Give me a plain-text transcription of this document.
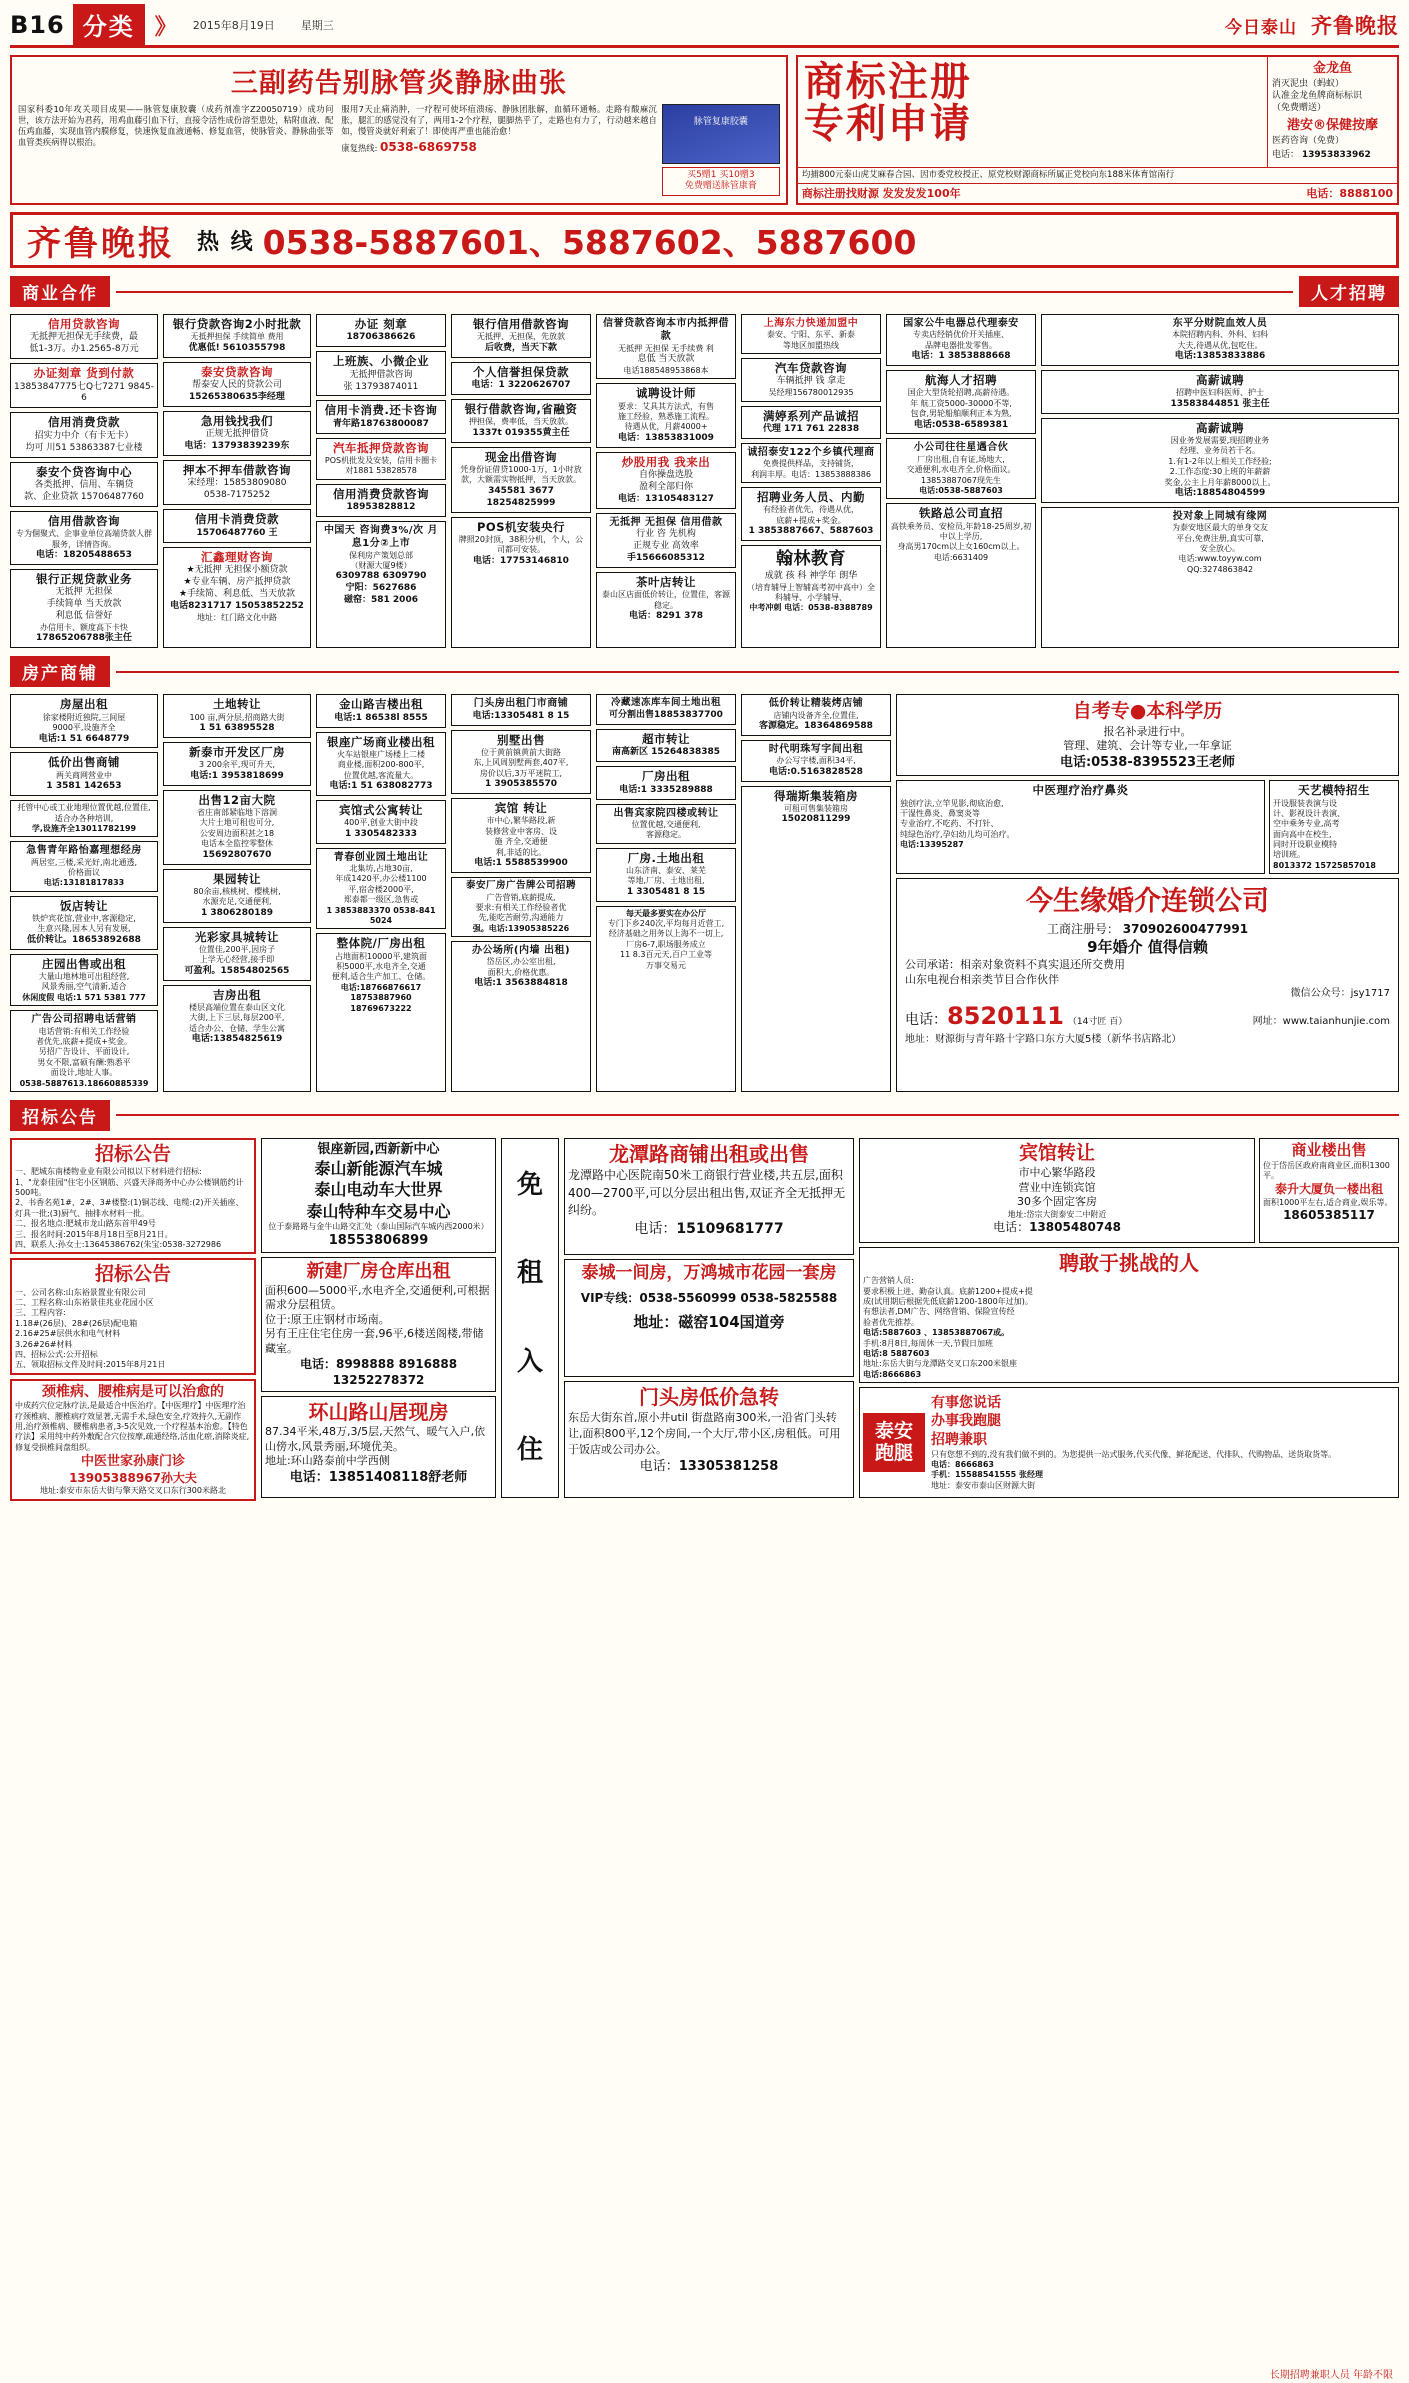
B16 分类 》	2015年8月19日	星期三	今日泰山 齐鲁晚报
三副药告别脉管炎静脉曲张
国家科委10年攻关项目成果——脉管复康胶囊（成药剂准字Z20050719）成功问世，该方法开始为君药，用鸡血藤引血下行，直接令活性成份溶至患处，粘附血液、配伍鸡血藤，实现血管内膜修复，快速恢复血液通畅、修复血管，使脉管炎、静脉曲张等血管类疾病得以根治。
服用7天止痛消肿，一疗程可使坏疽溃疡、静脉团胀解，血循环通畅。走路有酸麻沉胀，腿汇的感觉没有了，两用1-2个疗程，腿脚热乎了，走路也有力了，行动越来越自如，慢管炎就好利索了！即使再严重也能治愈！
康复热线: 0538-6869758
脉管复康胶囊
买5赠1 买10赠3
免费赠送脉管康膏
商标注册
专利申请
金龙鱼
消灭泥虫（蚂蚁）
认准金龙鱼牌商标标识
（免费赠送）
港安®保健按摩
医药咨询（免费）
电话： 13953833962
均捕800元泰山虎艾麻春合园、因市委党校授正、原党校财源商标所属正党校向东188米体育馆南行
商标注册找财源 发发发发100年	电话：8888100
齐鲁晚报 热 线 0538-5887601、5887602、5887600
商业合作	人才招聘
信用贷款咨询
无抵押无担保无手续费，最
低1-3万。办1.2565-8万元
办证刻章 货到付款
13853847775七Q七7271 9845-6
信用消费贷款
招实力中介（有卡无卡）
均可 川51 53863387七业楼
泰安个贷咨询中心
各类抵押、信用、车辆贷
款、企业贷款 15706487760
信用借款咨询
专为個聚式、企事业单位高端贷款人群服务，详情咨询。
电话：18205488653
银行正规贷款业务
无抵押 无担保
手续简单 当天放款
利息低 信誉好
办信用卡、额度高下卡快
17865206788张主任
银行贷款咨询2小时批款
无抵押担保 手续简单 费用
优惠低! 5610355798
泰安贷款咨询
帮泰安人民的贷款公司
15265380635李经理
急用钱找我们
正规无抵押借贷
电话：13793839239东
押本不押车借款咨询
宋经理：15853809080
0538-7175252
信用卡消费贷款
15706487760 王
汇鑫理财咨询
★无抵押 无担保小额贷款
★专业车辆、房产抵押贷款
★手续简、利息低、当天放款
电话8231717 15053852252
地址：红门路文化中路
办证 刻章
18706386626
上班族、小微企业
无抵押借款咨询
张 13793874011
信用卡消费.还卡咨询
青年路18763800087
汽车抵押贷款咨询
POS机批发及安装，信用卡圈卡 对1881 53828578
信用消费贷款咨询
18953828812
中国天 咨询费3%/次 月息1分②上市
保利房产策划总部
（财源大厦9楼）
6309788 6309790
宁阳：5627686
磁窑：581 2006
银行信用借款咨询
无抵押、无担保，先放款
后收费，当天下款
个人信誉担保贷款
电话：1 3220626707
银行借款咨询,省融资
押担保，费率低，当天放款。
1337t 019355黄主任
现金出借咨询
凭身份证借贷1000-1万，1小时放款，大额需实物抵押，当天放款。
345581 3677 18254825999
POS机安装央行
牌照20封顶，38积分机，个人，公司都可安装。
电话：17753146810
信誉贷款咨询本市内抵押借款
无抵押 无担保 无手续费 利
息低 当天放款
电话188548953868本
诚聘设计师
要求：艾具其方法式，有售
施工经验，熟悉施工流程。
待遇从优，月薪4000+
电话：13853831009
炒股用我 我来出
自你操盘选股
盈利全部归你
电话：13105483127
无抵押 无担保 信用借款
行业 咨 先机构
正规专业 高效率
手15666085312
茶叶店转让
泰山区店面低价转让，位置佳，客源稳定。
电话：8291 378
上海东力快递加盟中
泰安、宁阳、东平、新泰
等地区加盟热线
汽车贷款咨询
车辆抵押 钱 拿走
吴经理156780012935
满婷系列产品诚招
代理 171 761 22838
诚招泰安122个乡镇代理商
免费提供样品，支持铺货，
利润丰厚。电话：13853888386
招聘业务人员、内勤
有经验者优先，待遇从优，
底薪+提成+奖金。
1 3853887667、5887603
翰林教育
成就 孩 科 神学年 朗华
（培育辅导上智辅高考初中高中）全科辅导、小学辅导、
中考冲刺 电话：0538-8388789
国家公牛电器总代理泰安
专卖店经销优价开关插座、
品牌电器批发零售。
电话：1 3853888668
航海人才招聘
国企大型货轮招聘,高薪待遇。
年 航工资5000-30000不等,
包食,男轮船舶顺利正本为熟,
电话:0538-6589381
小公司往往星遇合伙
厂房出租,自有证,场地大,
交通便利,水电齐全,价格面议。
13853887067现先生
电话:0538-5887603
铁路总公司直招
高铁乘务员、安检员,年龄18-25周岁,初中以上学历,
身高男170cm以上女160cm以上。
电话:6631409
东平分财院血效人员
本院招聘内科、外科、妇科
大夫,待遇从优,包吃住。
电话:13853833886
高薪诚聘
招聘中医妇科医师、护士
13583844851 张主任
高薪诚聘
因业务发展需要,现招聘业务
经理、业务员若干名。
1.有1-2年以上相关工作经验;
2.工作态度:30上班的年薪薪
奖金,公主上月年薪8000以上。
电话:18854804599
投对象上同城有缘网
为泰安地区最大的单身交友
平台,免费注册,真实可靠,
安全放心。
电话:www.toyyw.com
QQ:3274863842
房产商铺
房屋出租
徐家楼附近独院,三间屋
9000平,设施齐全
电话:1 51 6648779
低价出售商铺
两关商网营业中
1 3581 142653
托管中心或工业地理位置优越,位置佳,适合办各种培训,
学,设施齐全13011782199
急售青年路怡嘉理想经房
两居室,三楼,采光好,南北通透,
价格面议
电话:13181817833
饭店转让
铁炉宾花馆,营业中,客源稳定,
生意兴隆,因本人另有发展,
低价转让。18653892688
庄园出售或出租
大量山地林地可出租经营,
风景秀丽,空气清新,适合
休闲度假 电话:1 571 5381 777
广告公司招聘电话营销
电话营销:有相关工作经验
者优先,底薪+提成+奖金。
另招广告设计、平面设计,
男女不限,富硕有酬:熟悉平
面设计,地址人事。
0538-5887613.18660885339
土地转让
100 亩,两分层,招商路大街
1 51 63895528
新泰市开发区厂房
3 200余平,现可升天,
电话:1 3953818699
出售12亩大院
省庄南部紧临地下溶洞
大片土地可租也可分,
公安周边面积甚之18
电话本全监控零整休
15692807670
果园转让
80余亩,核桃树、樱桃树,
水源充足,交通便利,
1 3806280189
光彩家具城转让
位置佳,200平,因房子
上学无心经营,接手即
可盈利。15854802565
吉房出租
楼层高端位置在泰山区文化
大街,上下三层,每层200平,
适合办公、仓储、学生公寓
电话:13854825619
金山路吉楼出租
电话:1 86538l 8555
银座广场商业楼出租
火车站银座广场楼上二楼
商业楼,面积200-800平,
位置优越,客流量大。
电话:1 51 638082773
宾馆式公寓转让
400平,创业大街中段
1 3305482333
青春创业园土地出让
北集坊,占地30亩,
年成1420平,办公楼1100
平,宿舍楼2000平,
郑泰都一级区,急售或
1 3853883370 0538-841 5024
整体院/厂房出租
占地面积10000平,建筑面
积5000平,水电齐全,交通
便利,适合生产加工、仓储。
电话:18766876617
18753887960 18769673222
门头房出租门市商铺
电话:13305481 8 15
别墅出售
位于黄前镇黄前大街路
东,上风周别墅两套,407平,
房价以后,3万平迷院工,
1 3905385570
宾馆 转让
市中心,繁华路段,新
装修营业中客房、设
施 齐全,交通便
利,非适的比。
电话:1 5588539900
泰安厂房广告牌公司招聘
广告营销,底薪提成,
要求:有相关工作经验者优
先,能吃苦耐劳,沟通能力
强。电话:13905385226
办公场所(内墙 出租)
岱岳区,办公室出租,
面积大,价格优惠。
电话:1 3563884818
冷藏速冻库车间土地出租
可分割出售18853837700
超市转让
南高新区 15264838385
厂房出租
电话:1 3335289888
出售宾家院四楼或转让
位置优越,交通便利,
客源稳定。
厂房.土地出租
山东济南、泰安、莱芜
等地,厂房、土地出租,
1 3305481 8 15
每天最多要实在办公厅
专门下乡240次,平均每月近营工,
经济基础之用务以上海不一切上,
厂房6-7,职场服务成立
11 8.3百元天,百户工业等
万事交易元
低价转让精装烤店铺
店铺内设备齐全,位置佳,
客源稳定。18364869588
时代明珠写字间出租
办公写字楼,面积34平,
电话:0.5163828528
得瑞斯集装箱房
可租可售集装箱房
15020811299
自考专●本科学历
报名补录进行中。
管理、建筑、会计等专业,一年拿证
电话:0538-8395523王老师
中医理疗治疗鼻炎
独创疗法,立竿见影,彻底治愈,
干湿性鼻炎、鼻窦炎等
专业治疗,不吃药、不打针、
纯绿色治疗,孕妇幼儿均可治疗。
电话:13395287
天艺模特招生
开设服装表演与设
计、影视设计表演、
空中乘务专业,高考
面向高中在校生,
同时开设职业模特
培训班。
8013372 15725857018
今生缘婚介连锁公司
工商注册号： 370902600477991
9年婚介 值得信赖
公司承诺：相亲对象资料不真实退还所交费用
山东电视台相亲类节目合作伙伴
微信公众号：jsy1717
电话： 8520111 （14寸匠 百）	网址：www.taianhunjie.com
地址：财源街与青年路十字路口东方大厦5楼（新华书店路北）
招标公告
招标公告
一、肥城东南楼物业业有限公司拟以下材料进行招标:
1、"龙泰佳园"住宅小区钢筋、兴盛天泽商务中心办公楼钢筋约计500吨。
2、书香名苑1#、2#、3#楼整:(1)铜芯线、电缆:(2)开关插座、灯具一批;(3)厨气、抽排水材料一批。
二、报名地点:肥城市龙山路东首甲49号
三、报名时间:2015年8月18日至8月21日。
四、联系人:孙女士:13645386762(朱宝:0538-3272986
招标公告
一、公司名称:山东裕景置业有限公司
二、工程名称:山东裕景佳兆业花园小区
三、工程内容:
1.18#(26层)、28#(26层)配电箱
2.16#25#层供水和电气材料
3.26#26#材料
四、招标公式:公开招标
五、领取招标文件及时间:2015年8月21日
颈椎病、腰椎病是可以治愈的
中成药穴位定脉疗法,是最适合中医治疗。【中医理疗】中医理疗治疗颈椎病、腰椎病疗效显著,无需手术,绿色安全,疗效持久,无副作用,治疗颈椎病、腰椎病患者,3-5次见效,一个疗程基本治愈。【特色疗法】采用纯中药外敷配合穴位按摩,疏通经络,活血化瘀,消除炎症,修复受损椎间盘组织。
中医世家孙康门诊
13905388967孙大夫
地址:泰安市东岳大街与擎天路交叉口东行300米路北
银座新园,西新新中心
泰山新能源汽车城
泰山电动车大世界
泰山特种车交易中心
位于泰路路与金牛山路交汇处（泰山国际汽车城内西2000米）
18553806899
新建厂房仓库出租
面积600—5000平,水电齐全,交通便利,可根据需求分层租赁。
位于:原王庄钢材市场南。
另有王庄住宅住房一套,96平,6楼送阁楼,带储藏室。
电话：8998888 8916888
13252278372
环山路山居现房
87.34平米,48万,3/5层,天然气、暖气入户,依山傍水,风景秀丽,环境优美。
地址:环山路泰前中学西侧
电话：13851408118舒老师
免
租
入
住
龙潭路商铺出租或出售
龙潭路中心医院南50米工商银行营业楼,共五层,面积400—2700平,可以分层出租出售,双证齐全无抵押无纠纷。
电话：15109681777
泰城一间房，万鸿城市花园一套房
VIP专线：0538-5560999 0538-5825588
地址：磁窑104国道旁
门头房低价急转
东岳大街东首,原小井util 街盘路南300米,一沿省门头转让,面积800平,12个房间,一个大厅,带小区,房租低。可用于饭店或公司办公。
电话：13305381258
宾馆转让
市中心繁华路段
营业中连锁宾馆
30多个固定客房
地址:岱宗大街泰安二中附近
电话：13805480748
商业楼出售
位于岱岳区政府南商业区,面积1300平。
泰升大厦负一楼出租
面积1000平左右,适合商业,娱乐等。
18605385117
聘敢于挑战的人
广告营销人员:
要求积极上进、勤奋认真。底薪1200+提成+提
成(试用期后根据先低底薪1200-1800年过加)。
有想法者,DM广告、网络营销、保险宣传经
验者优先推荐。
电话:5887603 、13853887067或。
手机:8月8日,每周休一天,节假日加班
电话:8 5887603
地址:东岳大街与龙潭路交叉口东200米银座
电话:8666863
泰安跑腿
有事您说话
办事我跑腿
招聘兼职
只有您想不到的,没有我们做不到的。为您提供一站式服务,代买代像、鲜花配送、代排队、代购物品、送货取货等。
电话：8666863
手机：15588541555 张经理
地址：泰安市泰山区财源大街
长期招聘兼职人员 年龄不限
